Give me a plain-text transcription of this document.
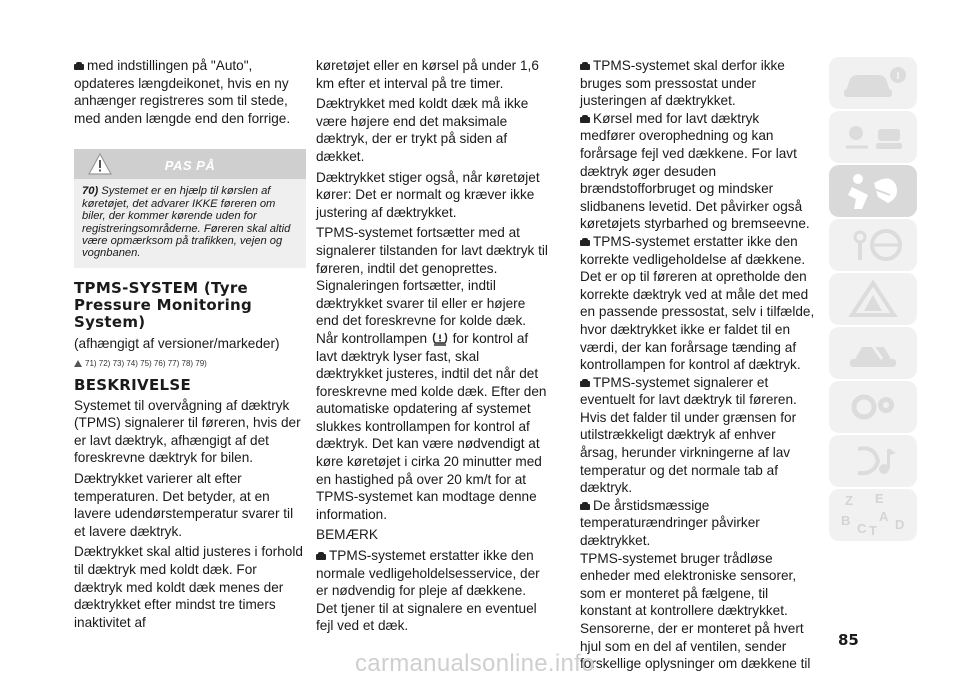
med indstillingen på "Auto", opdateres længdeikonet, hvis en ny anhænger registreres som til stede, med anden længde end den forrige.

PAS PÅ
70) Systemet er en hjælp til kørslen af køretøjet, det advarer IKKE føreren om biler, der kommer kørende uden for registreringsområderne. Føreren skal altid være opmærksom på trafikken, vejen og vognbanen.
TPMS-SYSTEM (Tyre Pressure Monitoring System)

(afhængigt af versioner/markeder)

71) 72) 73) 74) 75) 76) 77) 78) 79)
BESKRIVELSE

Systemet til overvågning af dæktryk (TPMS) signalerer til føreren, hvis der er lavt dæktryk, afhængigt af det foreskrevne dæktryk for bilen.

Dæktrykket varierer alt efter temperaturen. Det betyder, at en lavere udendørstemperatur svarer til et lavere dæktryk.

Dæktrykket skal altid justeres i forhold til dæktryk med koldt dæk. For dæktryk med koldt dæk menes der dæktrykket efter mindst tre timers inaktivitet af

køretøjet eller en kørsel på under 1,6 km efter et interval på tre timer.

Dæktrykket med koldt dæk må ikke være højere end det maksimale dæktryk, der er trykt på siden af dækket.

Dæktrykket stiger også, når køretøjet kører: Det er normalt og kræver ikke justering af dæktrykket.

TPMS-systemet fortsætter med at signalerer tilstanden for lavt dæktryk til føreren, indtil det genoprettes. Signaleringen fortsætter, indtil dæktrykket svarer til eller er højere end det foreskrevne for kolde dæk. Når kontrollampen for kontrol af lavt dæktryk lyser fast, skal dæktrykket justeres, indtil det når det foreskrevne med kolde dæk. Efter den automatiske opdatering af systemet slukkes kontrollampen for kontrol af dæktryk. Det kan være nødvendigt at køre køretøjet i cirka 20 minutter med en hastighed på over 20 km/t for at TPMS-systemet kan modtage denne information.

BEMÆRK

TPMS-systemet erstatter ikke den normale vedligeholdelsesservice, der er nødvendig for pleje af dækkene. Det tjener til at signalere en eventuel fejl ved et dæk.

TPMS-systemet skal derfor ikke bruges som pressostat under justeringen af dæktrykket.

Kørsel med for lavt dæktryk medfører overophedning og kan forårsage fejl ved dækkene. For lavt dæktryk øger desuden brændstofforbruget og mindsker slidbanens levetid. Det påvirker også køretøjets styrbarhed og bremseevne.

TPMS-systemet erstatter ikke den korrekte vedligeholdelse af dækkene. Det er op til føreren at opretholde den korrekte dæktryk ved at måle det med en passende pressostat, selv i tilfælde, hvor dæktrykket ikke er faldet til en værdi, der kan forårsage tænding af kontrollampen for kontrol af dæktryk.

TPMS-systemet signalerer et eventuelt for lavt dæktryk til føreren. Hvis det falder til under grænsen for utilstrækkeligt dæktryk af enhver årsag, herunder virkningerne af lav temperatur og det normale tab af dæktryk.

De årstidsmæssige temperaturændringer påvirker dæktrykket.

TPMS-systemet bruger trådløse enheder med elektroniske sensorer, som er monteret på fælgene, til konstant at kontrollere dæktrykket. Sensorerne, der er monteret på hvert hjul som en del af ventilen, sender forskellige oplysninger om dækkene til

Z E
B A
C T D
85
carmanualsonline.info
